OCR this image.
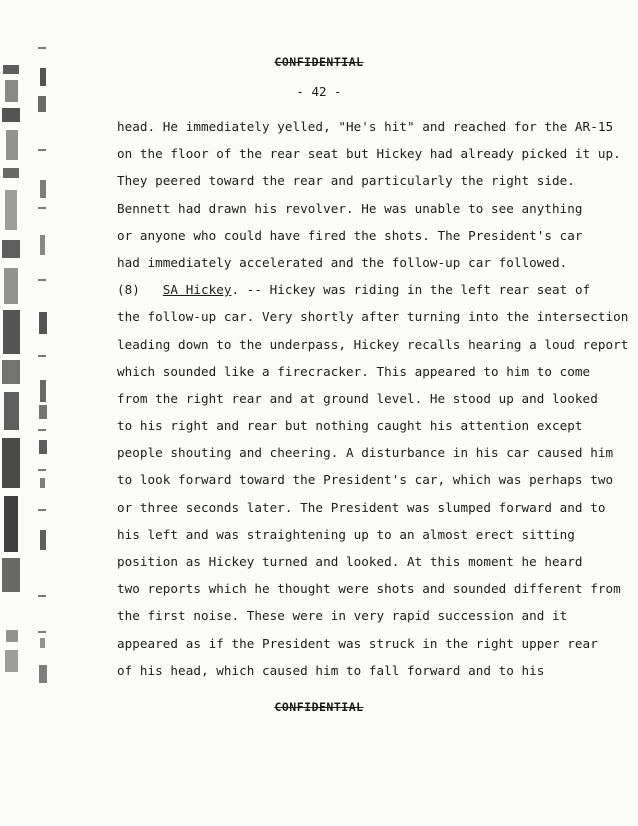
CONFIDENTIAL
- 42 -
head. He immediately yelled, "He's hit" and reached for the AR-15
on the floor of the rear seat but Hickey had already picked it up.
They peered toward the rear and particularly the right side.
Bennett had drawn his revolver. He was unable to see anything
or anyone who could have fired the shots. The President's car
had immediately accelerated and the follow-up car followed.
(8)   SA Hickey. -- Hickey was riding in the left rear seat of
the follow-up car. Very shortly after turning into the intersection
leading down to the underpass, Hickey recalls hearing a loud report
which sounded like a firecracker. This appeared to him to come
from the right rear and at ground level. He stood up and looked
to his right and rear but nothing caught his attention except
people shouting and cheering. A disturbance in his car caused him
to look forward toward the President's car, which was perhaps two
or three seconds later. The President was slumped forward and to
his left and was straightening up to an almost erect sitting
position as Hickey turned and looked. At this moment he heard
two reports which he thought were shots and sounded different from
the first noise. These were in very rapid succession and it
appeared as if the President was struck in the right upper rear
of his head, which caused him to fall forward and to his
CONFIDENTIAL
